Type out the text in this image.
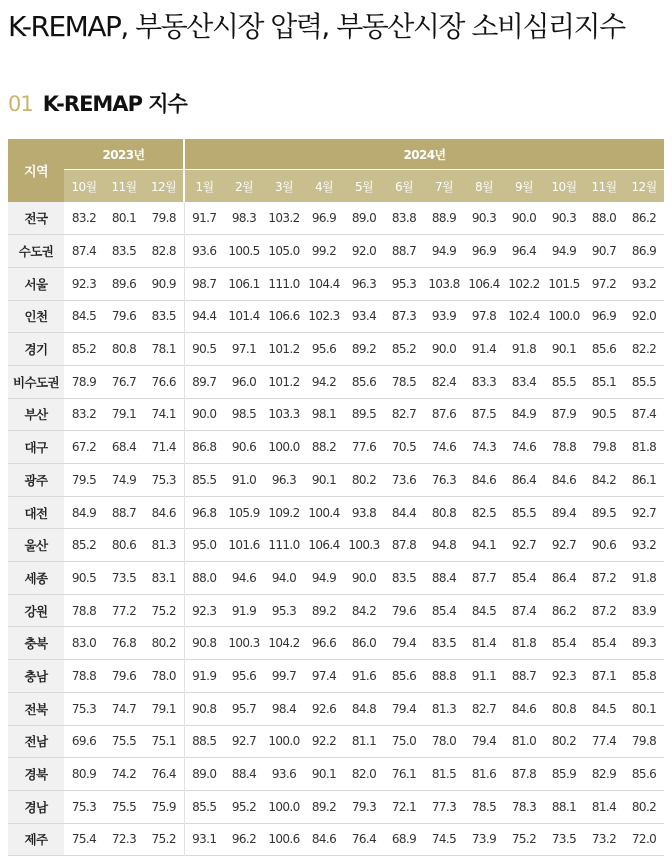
K-REMAP, 부동산시장 압력, 부동산시장 소비심리지수
01 K-REMAP 지수
지역	2023년			2024년											
	10월	11월	12월	1월	2월	3월	4월	5월	6월	7월	8월	9월	10월	11월	12월
전국	83.2	80.1	79.8	91.7	98.3	103.2	96.9	89.0	83.8	88.9	90.3	90.0	90.3	88.0	86.2
수도권	87.4	83.5	82.8	93.6	100.5	105.0	99.2	92.0	88.7	94.9	96.9	96.4	94.9	90.7	86.9
서울	92.3	89.6	90.9	98.7	106.1	111.0	104.4	96.3	95.3	103.8	106.4	102.2	101.5	97.2	93.2
인천	84.5	79.6	83.5	94.4	101.4	106.6	102.3	93.4	87.3	93.9	97.8	102.4	100.0	96.9	92.0
경기	85.2	80.8	78.1	90.5	97.1	101.2	95.6	89.2	85.2	90.0	91.4	91.8	90.1	85.6	82.2
비수도권	78.9	76.7	76.6	89.7	96.0	101.2	94.2	85.6	78.5	82.4	83.3	83.4	85.5	85.1	85.5
부산	83.2	79.1	74.1	90.0	98.5	103.3	98.1	89.5	82.7	87.6	87.5	84.9	87.9	90.5	87.4
대구	67.2	68.4	71.4	86.8	90.6	100.0	88.2	77.6	70.5	74.6	74.3	74.6	78.8	79.8	81.8
광주	79.5	74.9	75.3	85.5	91.0	96.3	90.1	80.2	73.6	76.3	84.6	86.4	84.6	84.2	86.1
대전	84.9	88.7	84.6	96.8	105.9	109.2	100.4	93.8	84.4	80.8	82.5	85.5	89.4	89.5	92.7
울산	85.2	80.6	81.3	95.0	101.6	111.0	106.4	100.3	87.8	94.8	94.1	92.7	92.7	90.6	93.2
세종	90.5	73.5	83.1	88.0	94.6	94.0	94.9	90.0	83.5	88.4	87.7	85.4	86.4	87.2	91.8
강원	78.8	77.2	75.2	92.3	91.9	95.3	89.2	84.2	79.6	85.4	84.5	87.4	86.2	87.2	83.9
충북	83.0	76.8	80.2	90.8	100.3	104.2	96.6	86.0	79.4	83.5	81.4	81.8	85.4	85.4	89.3
충남	78.8	79.6	78.0	91.9	95.6	99.7	97.4	91.6	85.6	88.8	91.1	88.7	92.3	87.1	85.8
전북	75.3	74.7	79.1	90.8	95.7	98.4	92.6	84.8	79.4	81.3	82.7	84.6	80.8	84.5	80.1
전남	69.6	75.5	75.1	88.5	92.7	100.0	92.2	81.1	75.0	78.0	79.4	81.0	80.2	77.4	79.8
경북	80.9	74.2	76.4	89.0	88.4	93.6	90.1	82.0	76.1	81.5	81.6	87.8	85.9	82.9	85.6
경남	75.3	75.5	75.9	85.5	95.2	100.0	89.2	79.3	72.1	77.3	78.5	78.3	88.1	81.4	80.2
제주	75.4	72.3	75.2	93.1	96.2	100.6	84.6	76.4	68.9	74.5	73.9	75.2	73.5	73.2	72.0
